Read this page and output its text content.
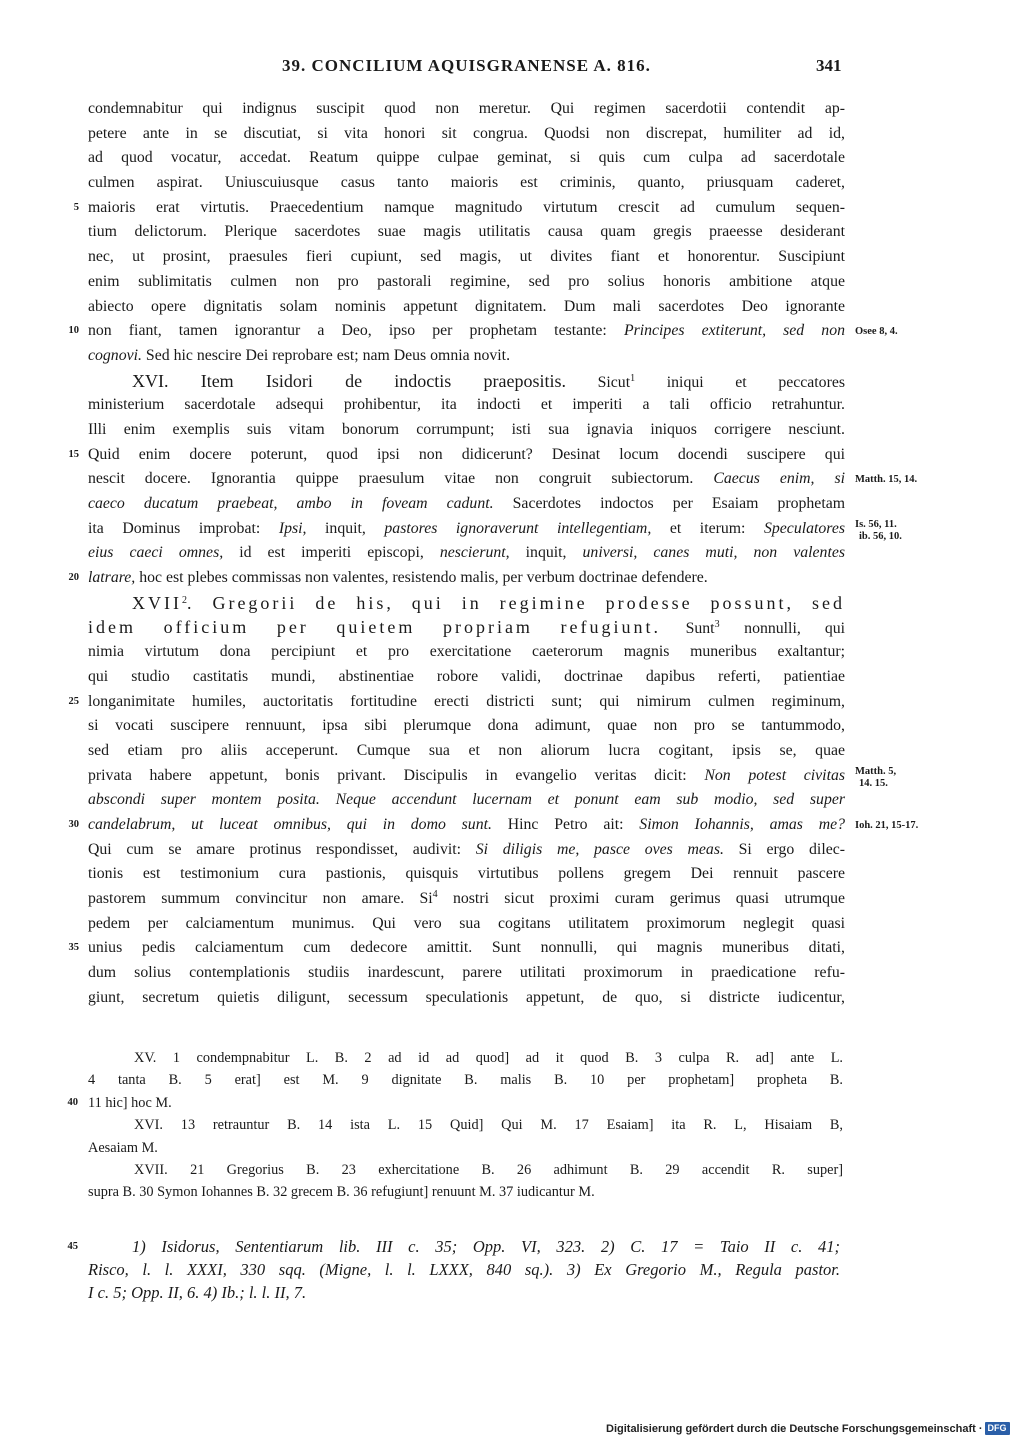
39. CONCILIUM AQUISGRANENSE A. 816.	341
condemnabitur qui indignus suscipit quod non meretur. Qui regimen sacerdotii contendit ap-
petere ante in se discutiat, si vita honori sit congrua. Quodsi non discrepat, humiliter ad id,
ad quod vocatur, accedat. Reatum quippe culpae geminat, si quis cum culpa ad sacerdotale
culmen aspirat. Uniuscuiusque casus tanto maioris est criminis, quanto, priusquam caderet,
5 maioris erat virtutis. Praecedentium namque magnitudo virtutum crescit ad cumulum sequen-
tium delictorum. Plerique sacerdotes suae magis utilitatis causa quam gregis praeesse desiderant
nec, ut prosint, praesules fieri cupiunt, sed magis, ut divites fiant et honorentur. Suscipiunt
enim sublimitatis culmen non pro pastorali regimine, sed pro solius honoris ambitione atque
abiecto opere dignitatis solam nominis appetunt dignitatem. Dum mali sacerdotes Deo ignorante
10 non fiant, tamen ignorantur a Deo, ipso per prophetam testante: Principes extiterunt, sed non Osee 8, 4.
cognovi. Sed hic nescire Dei reprobare est; nam Deus omnia novit.
XVI. Item Isidori de indoctis praepositis. Sicut$^1$ iniqui et peccatores
ministerium sacerdotale adsequi prohibentur, ita indocti et imperiti a tali officio retrahuntur.
Illi enim exemplis suis vitam bonorum corrumpunt; isti sua ignavia iniquos corrigere nesciunt.
15 Quid enim docere poterunt, quod ipsi non didicerunt? Desinat locum docendi suscipere qui
nescit docere. Ignorantia quippe praesulum vitae non congruit subiectorum. Caecus enim, si Matth. 15, 14.
caeco ducatum praebeat, ambo in foveam cadunt. Sacerdotes indoctos per Esaiam prophetam
ita Dominus improbat: Ipsi, inquit, pastores ignoraverunt intellegentiam, et iterum: Speculatores Is. 56, 11.
ib. 56, 10.
eius caeci omnes, id est imperiti episcopi, nescierunt, inquit, universi, canes muti, non valentes
20 latrare, hoc est plebes commissas non valentes, resistendo malis, per verbum doctrinae defendere.
XVII$^2$. Gregorii de his, qui in regimine prodesse possunt, sed
idem officium per quietem propriam refugiunt. Sunt$^3$ nonnulli, qui
nimia virtutum dona percipiunt et pro exercitatione caeterorum magnis muneribus exaltantur;
qui studio castitatis mundi, abstinentiae robore validi, doctrinae dapibus referti, patientiae
25 longanimitate humiles, auctoritatis fortitudine erecti districti sunt; qui nimirum culmen regiminum,
si vocati suscipere rennuunt, ipsa sibi plerumque dona adimunt, quae non pro se tantummodo,
sed etiam pro aliis acceperunt. Cumque sua et non aliorum lucra cogitant, ipsis se, quae
privata habere appetunt, bonis privant. Discipulis in evangelio veritas dicit: Non potest civitas Matth. 5,
14. 15.
abscondi super montem posita. Neque accendunt lucernam et ponunt eam sub modio, sed super
30 candelabrum, ut luceat omnibus, qui in domo sunt. Hinc Petro ait: Simon Iohannis, amas me? Ioh. 21, 15-17.
Qui cum se amare protinus respondisset, audivit: Si diligis me, pasce oves meas. Si ergo dilec-
tionis est testimonium cura pastionis, quisquis virtutibus pollens gregem Dei rennuit pascere
pastorem summum convincitur non amare. Si$^4$ nostri sicut proximi curam gerimus quasi utrumque
pedem per calciamentum munimus. Qui vero sua cogitans utilitatem proximorum neglegit quasi
35 unius pedis calciamentum cum dedecore amittit. Sunt nonnulli, qui magnis muneribus ditati,
dum solius contemplationis studiis inardescunt, parere utilitati proximorum in praedicatione refu-
giunt, secretum quietis diligunt, secessum speculationis appetunt, de quo, si districte iudicentur,
XV. 1 condempnabitur L. B. 2 ad id ad quod] ad it quod B. 3 culpa R. ad] ante L.
4 tanta B. 5 erat] est M. 9 dignitate B. malis B. 10 per prophetam] propheta B.
40 11 hic] hoc M.
XVI. 13 retrauntur B. 14 ista L. 15 Quid] Qui M. 17 Esaiam] ita R. L, Hisaiam B,
Aesaiam M.
XVII. 21 Gregorius B. 23 exhercitatione B. 26 adhimunt B. 29 accendit R. super]
supra B. 30 Symon Iohannes B. 32 grecem B. 36 refugiunt] renuunt M. 37 iudicantur M.
45	1) Isidorus, Sententiarum lib. III c. 35; Opp. VI, 323. 2) C. 17 = Taio II c. 41;
Risco, l. l. XXXI, 330 sqq. (Migne, l. l. LXXX, 840 sq.). 3) Ex Gregorio M., Regula pastor.
I c. 5; Opp. II, 6. 4) Ib.; l. l. II, 7.
Digitalisierung gefördert durch die Deutsche Forschungsgemeinschaft · DFG
